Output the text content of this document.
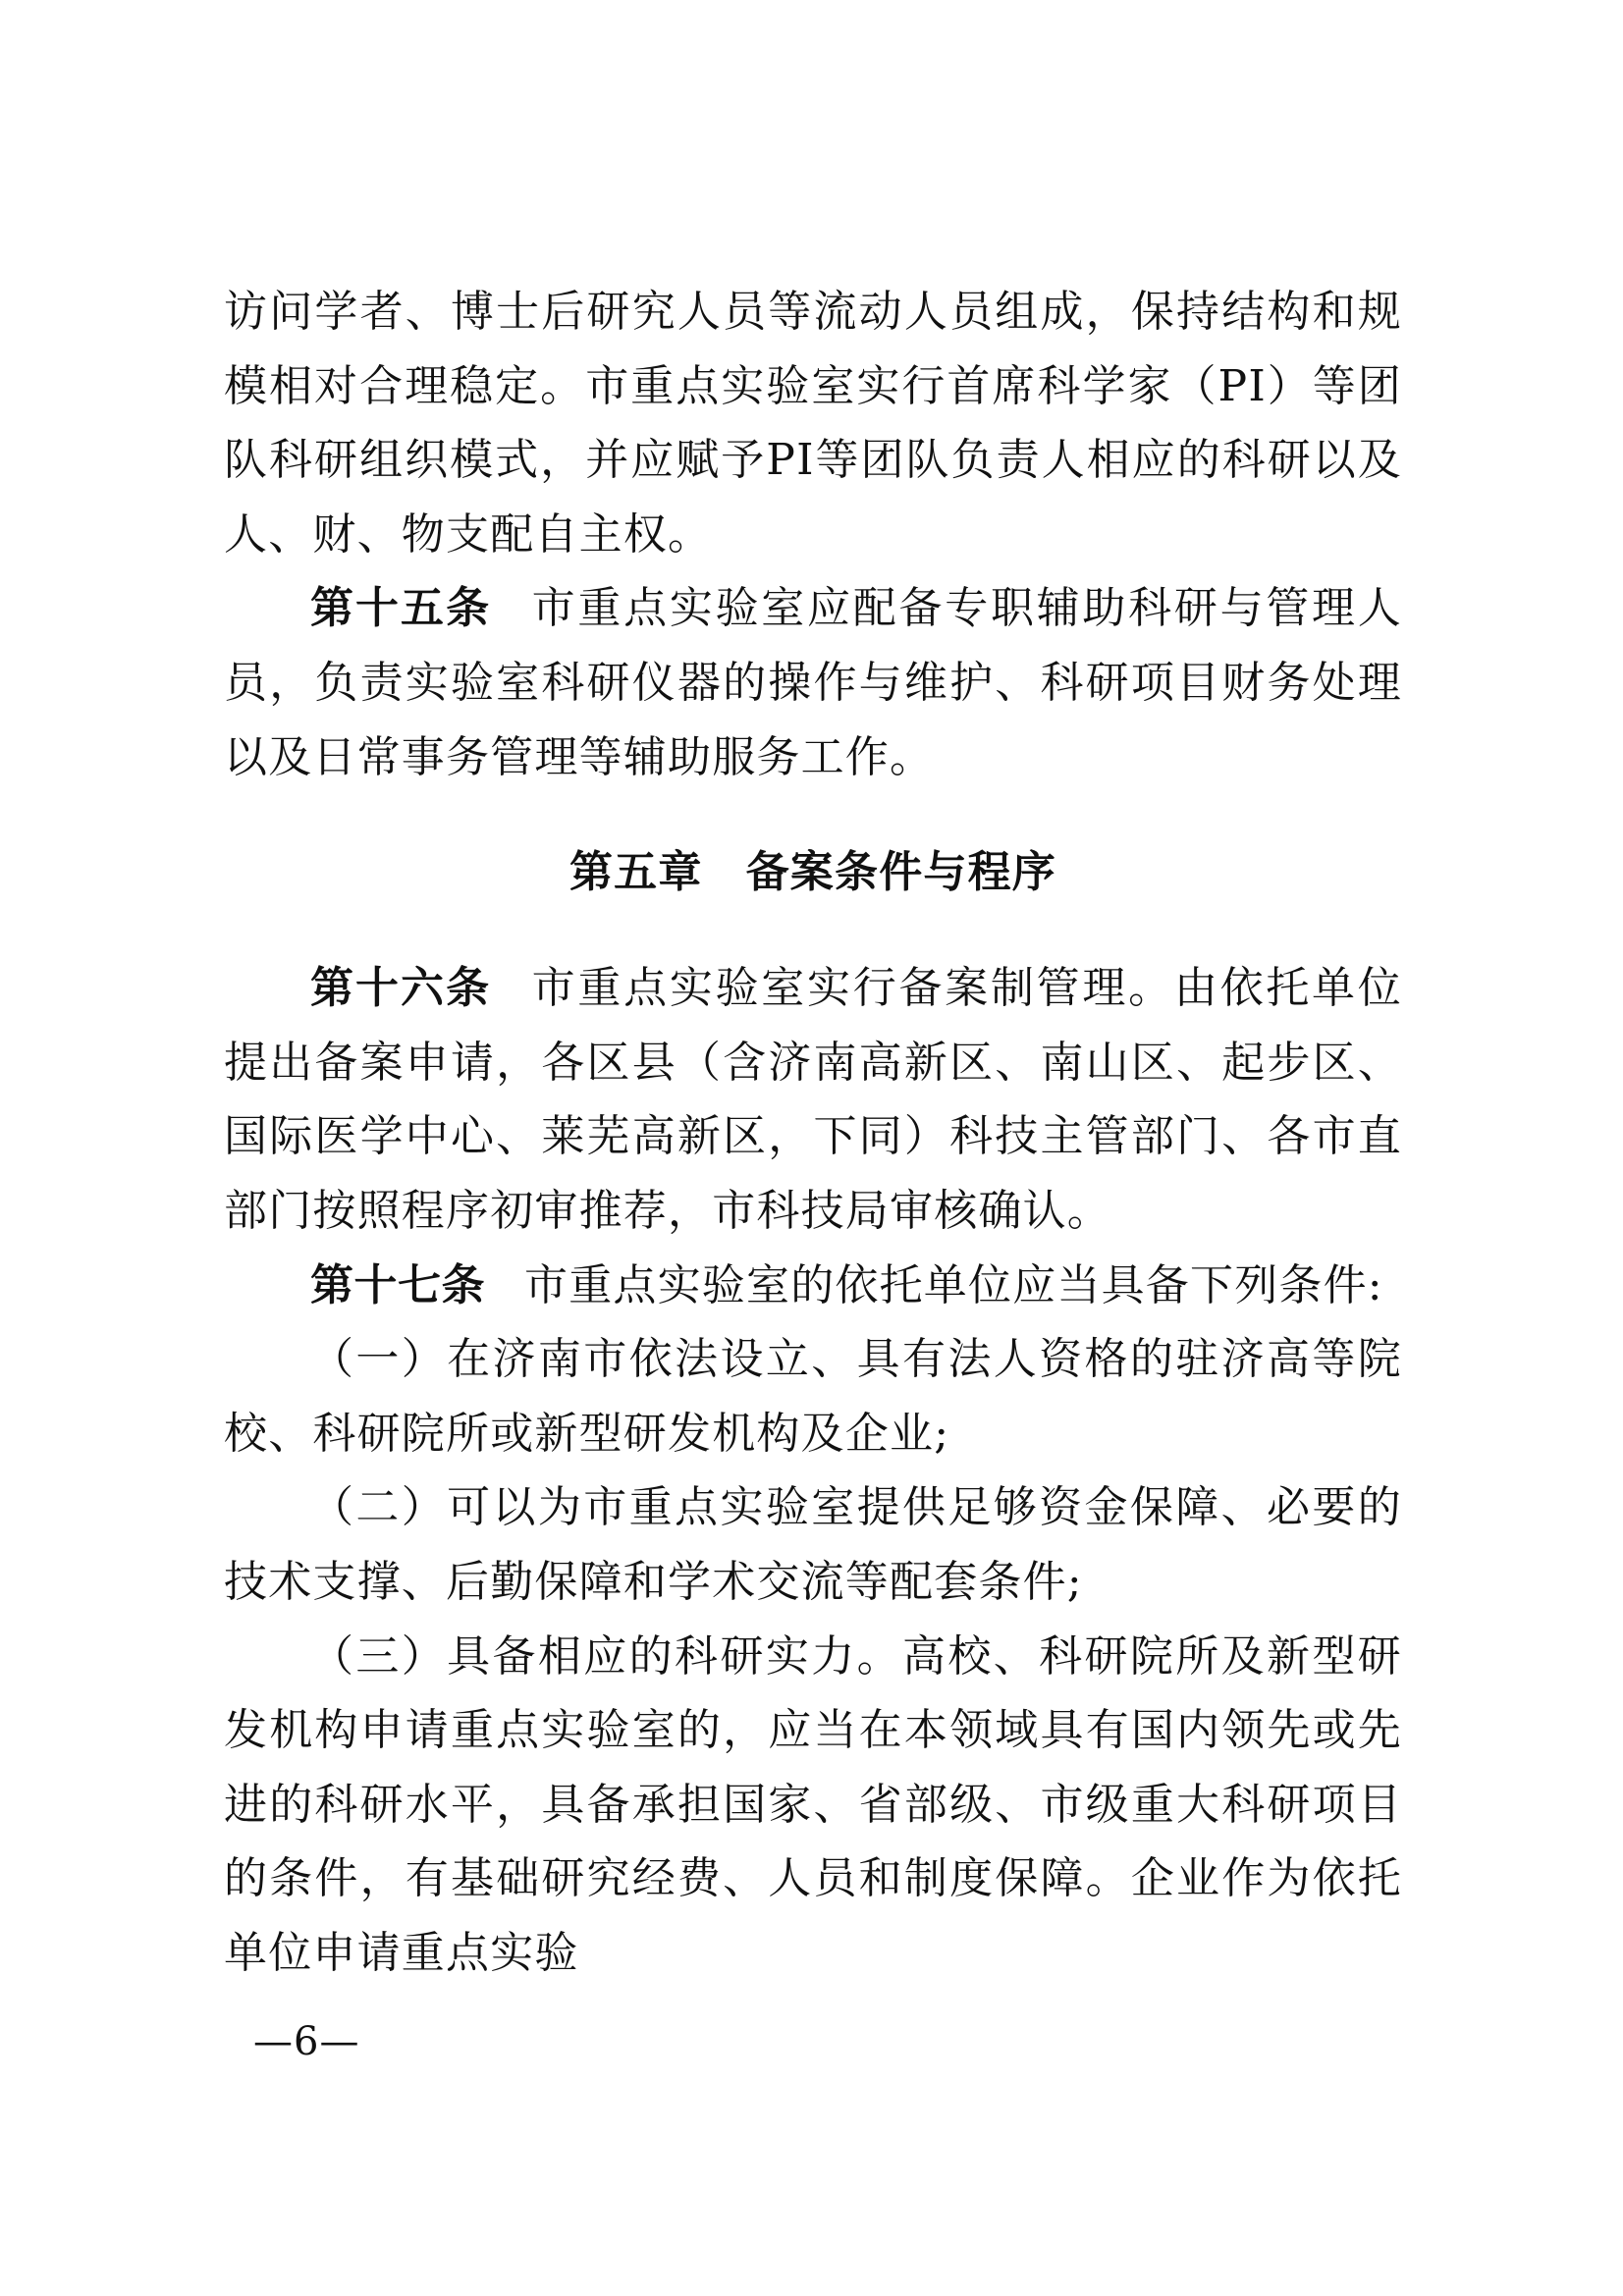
访问学者、博士后研究人员等流动人员组成，保持结构和规模相对合理稳定。市重点实验室实行首席科学家（PI）等团队科研组织模式，并应赋予PI等团队负责人相应的科研以及人、财、物支配自主权。

第十五条 市重点实验室应配备专职辅助科研与管理人员，负责实验室科研仪器的操作与维护、科研项目财务处理以及日常事务管理等辅助服务工作。

第五章 备案条件与程序

第十六条 市重点实验室实行备案制管理。由依托单位提出备案申请，各区县（含济南高新区、南山区、起步区、国际医学中心、莱芜高新区，下同）科技主管部门、各市直部门按照程序初审推荐，市科技局审核确认。

第十七条 市重点实验室的依托单位应当具备下列条件:

（一）在济南市依法设立、具有法人资格的驻济高等院校、科研院所或新型研发机构及企业;

（二）可以为市重点实验室提供足够资金保障、必要的技术支撑、后勤保障和学术交流等配套条件;

（三）具备相应的科研实力。高校、科研院所及新型研发机构申请重点实验室的，应当在本领域具有国内领先或先进的科研水平，具备承担国家、省部级、市级重大科研项目的条件，有基础研究经费、人员和制度保障。企业作为依托单位申请重点实验

—6—
